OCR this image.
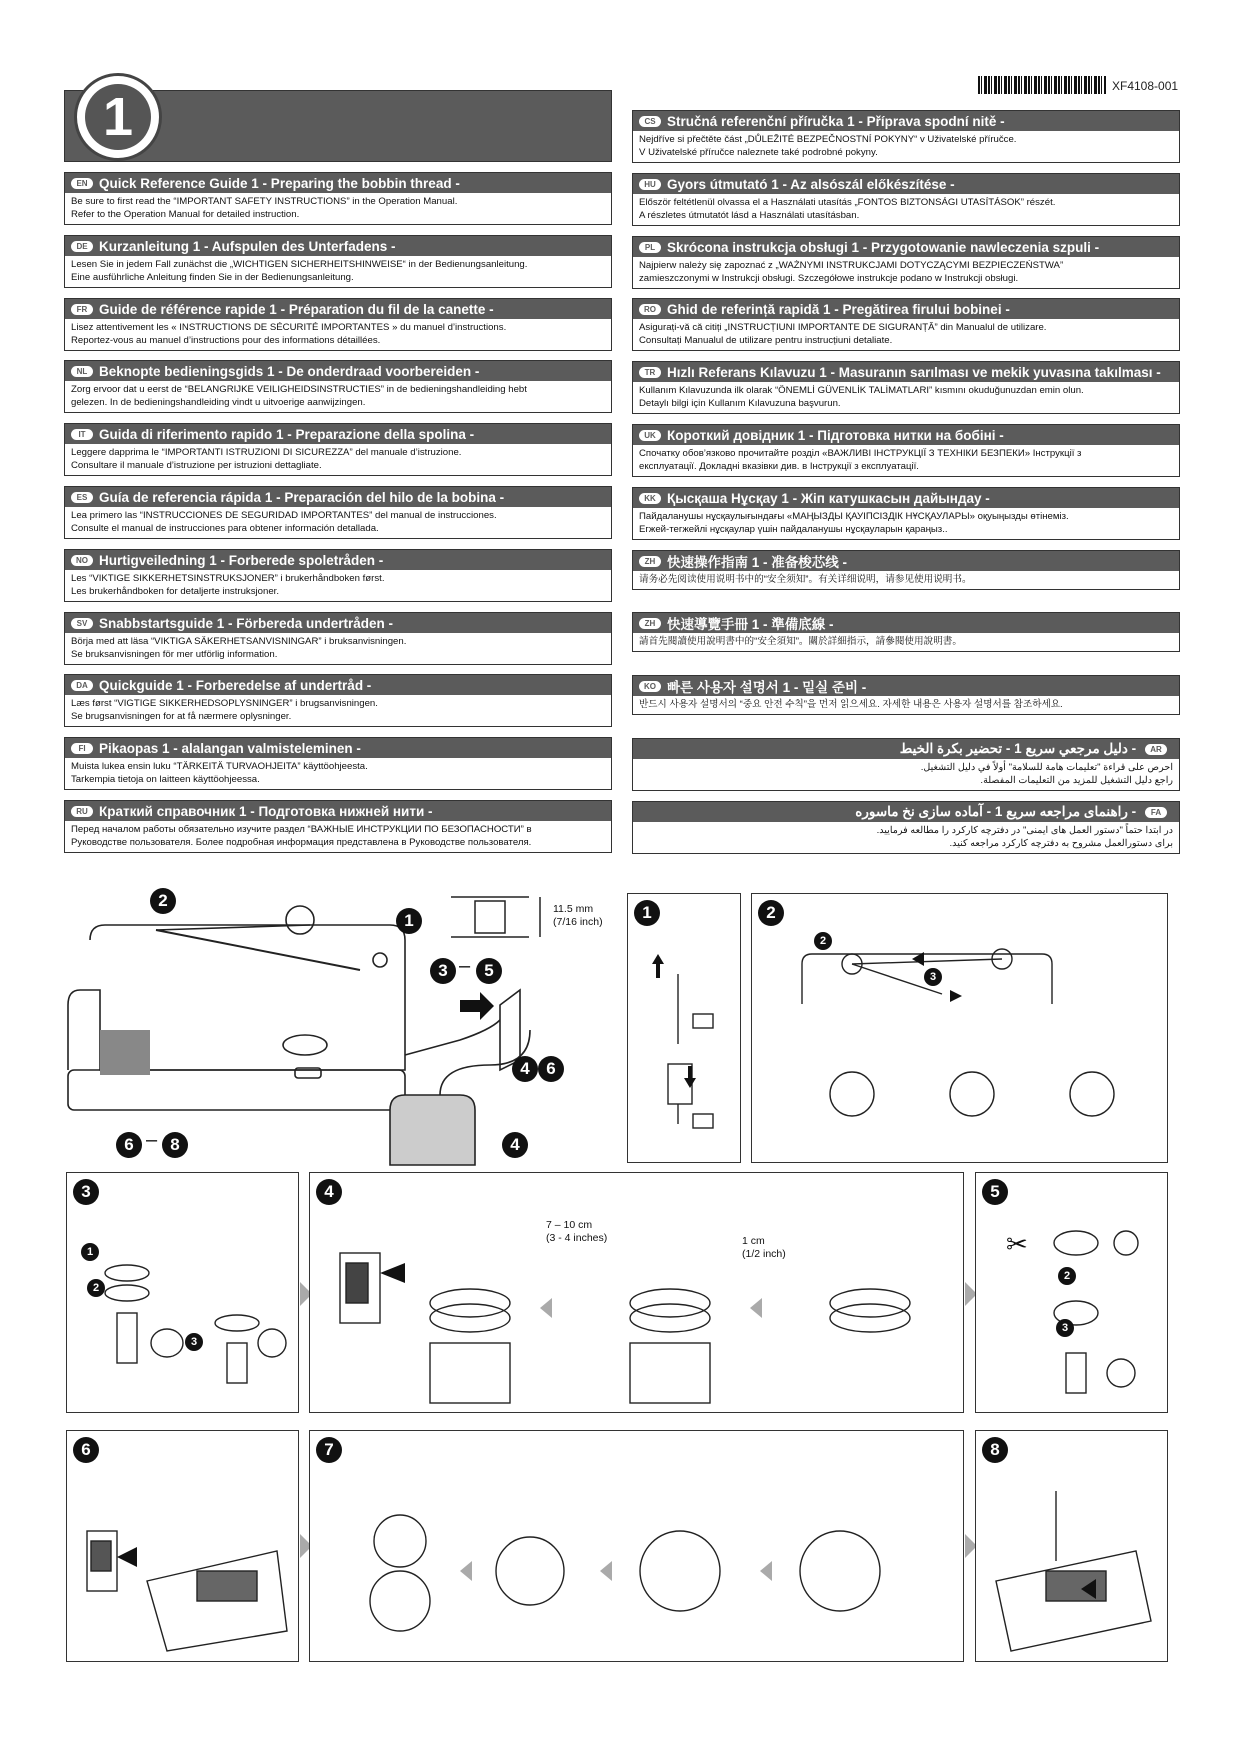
1
XF4108-001
EN Quick Reference Guide 1 - Preparing the bobbin thread -
Be sure to first read the “IMPORTANT SAFETY INSTRUCTIONS” in the Operation Manual.
Refer to the Operation Manual for detailed instruction.
DE Kurzanleitung 1 - Aufspulen des Unterfadens -
Lesen Sie in jedem Fall zunächst die „WICHTIGEN SICHERHEITSHINWEISE“ in der Bedienungsanleitung.
Eine ausführliche Anleitung finden Sie in der Bedienungsanleitung.
FR Guide de référence rapide 1 - Préparation du fil de la canette -
Lisez attentivement les « INSTRUCTIONS DE SÉCURITÉ IMPORTANTES » du manuel d’instructions.
Reportez-vous au manuel d’instructions pour des informations détaillées.
NL Beknopte bedieningsgids 1 - De onderdraad voorbereiden -
Zorg ervoor dat u eerst de “BELANGRIJKE VEILIGHEIDSINSTRUCTIES” in de bedieningshandleiding hebt
gelezen. In de bedieningshandleiding vindt u uitvoerige aanwijzingen.
IT Guida di riferimento rapido 1 - Preparazione della spolina -
Leggere dapprima le “IMPORTANTI ISTRUZIONI DI SICUREZZA” del manuale d’istruzione.
Consultare il manuale d’istruzione per istruzioni dettagliate.
ES Guía de referencia rápida 1 - Preparación del hilo de la bobina -
Lea primero las “INSTRUCCIONES DE SEGURIDAD IMPORTANTES” del manual de instrucciones.
Consulte el manual de instrucciones para obtener información detallada.
NO Hurtigveiledning 1 - Forberede spoletråden -
Les “VIKTIGE SIKKERHETSINSTRUKSJONER” i brukerhåndboken først.
Les brukerhåndboken for detaljerte instruksjoner.
SV Snabbstartsguide 1 - Förbereda undertråden -
Börja med att läsa “VIKTIGA SÄKERHETSANVISNINGAR” i bruksanvisningen.
Se bruksanvisningen för mer utförlig information.
DA Quickguide 1 - Forberedelse af undertråd -
Læs først “VIGTIGE SIKKERHEDSOPLYSNINGER” i brugsanvisningen.
Se brugsanvisningen for at få nærmere oplysninger.
FI Pikaopas 1 - alalangan valmisteleminen -
Muista lukea ensin luku “TÄRKEITÄ TURVAOHJEITA” käyttöohjeesta.
Tarkempia tietoja on laitteen käyttöohjeessa.
RU Краткий справочник 1 - Подготовка нижней нити -
Перед началом работы обязательно изучите раздел “ВАЖНЫЕ ИНСТРУКЦИИ ПО БЕЗОПАСНОСТИ” в
Руководстве пользователя. Более подробная информация представлена в Руководстве пользователя.
CS Stručná referenční příručka 1 - Příprava spodní nitě -
Nejdříve si přečtěte část „DŮLEŽITÉ BEZPEČNOSTNÍ POKYNY“ v Uživatelské příručce.
V Uživatelské příručce naleznete také podrobné pokyny.
HU Gyors útmutató 1 - Az alsószál előkészítése -
Először feltétlenül olvassa el a Használati utasítás „FONTOS BIZTONSÁGI UTASÍTÁSOK” részét.
A részletes útmutatót lásd a Használati utasításban.
PL Skrócona instrukcja obsługi 1 - Przygotowanie nawleczenia szpuli -
Najpierw należy się zapoznać z „WAŻNYMI INSTRUKCJAMI DOTYCZĄCYMI BEZPIECZEŃSTWA”
zamieszczonymi w Instrukcji obsługi. Szczegółowe instrukcje podano w Instrukcji obsługi.
RO Ghid de referință rapidă 1 - Pregătirea firului bobinei -
Asigurați-vă că citiți „INSTRUCȚIUNI IMPORTANTE DE SIGURANȚĂ” din Manualul de utilizare.
Consultați Manualul de utilizare pentru instrucțiuni detaliate.
TR Hızlı Referans Kılavuzu 1 - Masuranın sarılması ve mekik yuvasına takılması -
Kullanım Kılavuzunda ilk olarak “ÖNEMLİ GÜVENLİK TALİMATLARI” kısmını okuduğunuzdan emin olun.
Detaylı bilgi için Kullanım Kılavuzuna başvurun.
UK Короткий довідник 1 - Підготовка нитки на бобіні -
Спочатку обов’язково прочитайте розділ «ВАЖЛИВІ ІНСТРУКЦІЇ З ТЕХНІКИ БЕЗПЕКИ» Інструкції з
експлуатації. Докладні вказівки див. в Інструкції з експлуатації.
KK Қысқаша Нұсқау 1 - Жіп катушкасын дайындау -
Пайдаланушы нұсқаулығындағы «МАҢЫЗДЫ ҚАУІПСІЗДІК НҰСҚАУЛАРЫ» оқуыңызды өтінеміз.
Егжей-тегжейлі нұсқаулар үшін пайдаланушы нұсқауларын қараңыз..
ZH 快速操作指南 1 - 准备梭芯线 -
请务必先阅读使用说明书中的“安全须知”。有关详细说明，请参见使用说明书。
ZH 快速導覽手冊 1 - 準備底線 -
請首先閱讀使用說明書中的“安全須知”。關於詳細指示，請參閱使用說明書。
KO 빠른 사용자 설명서 1 - 밑실 준비 -
반드시 사용자 설명서의 “중요 안전 수칙”을 먼저 읽으세요. 자세한 내용은 사용자 설명서를 참조하세요.
دليل مرجعي سريع 1 - تحضير بكرة الخيط -
	AR
احرص على قراءة "تعليمات هامة للسلامة" أولاً في دليل التشغيل.
راجع دليل التشغيل للمزيد من التعليمات المفصلة.
راهنمای مراجعه سریع 1 - آماده سازی نخ ماسوره -
	FA
در ابتدا حتماً "دستور العمل های ایمنی" در دفترچه کارکرد را مطالعه فرمایید.
برای دستورالعمل مشروح به دفترچه کارکرد مراجعه کنید.
2
1
3 – 5
4 6
4
6 – 8
11.5 mm
(7/16 inch)	1	2
2
3
3
1
2
3
4
7 – 10 cm
(3 - 4 inches)	1 cm
(1/2 inch)
5
✂
2
3
6	7	8
